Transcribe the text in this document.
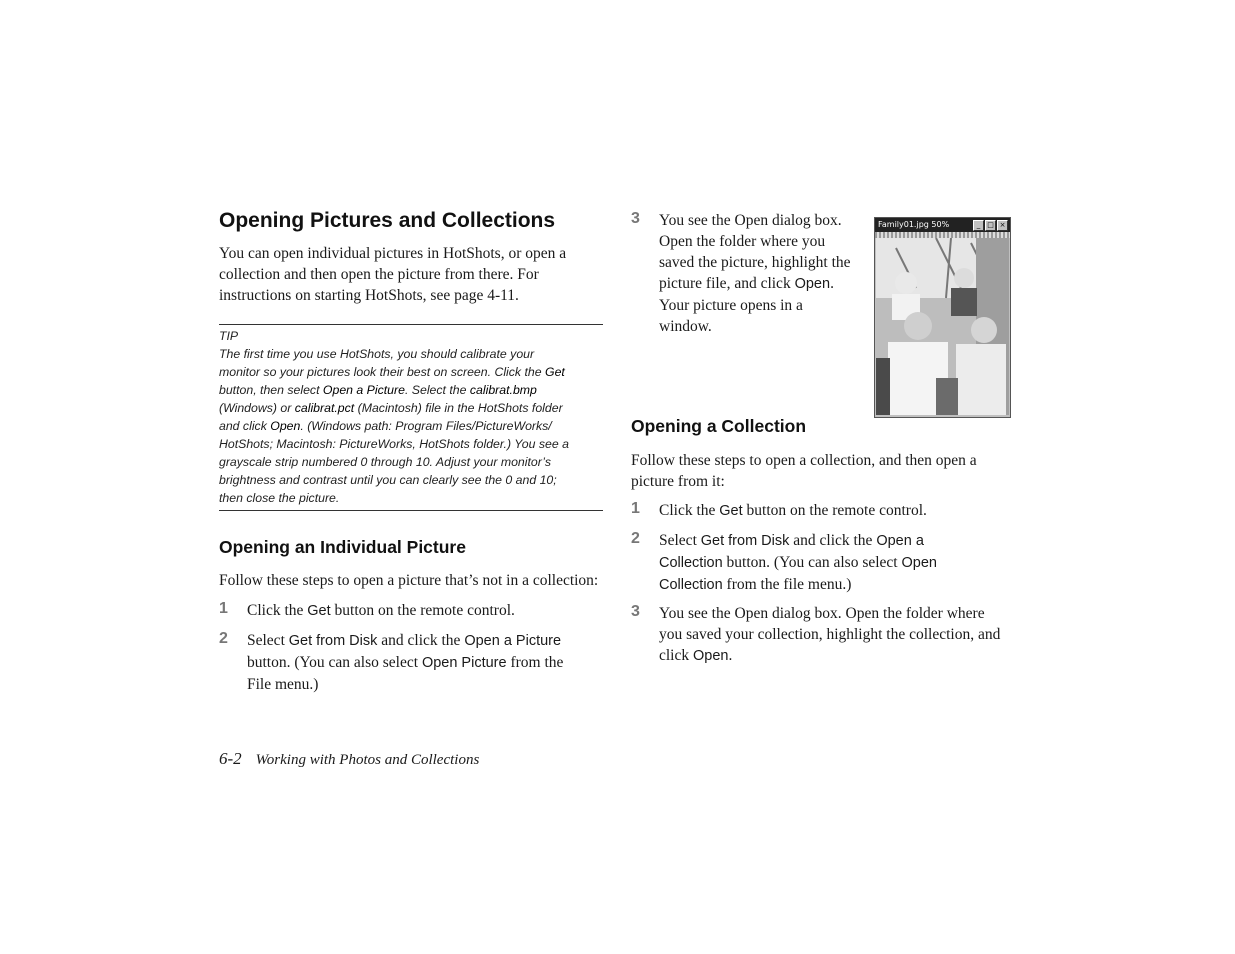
Opening Pictures and Collections
You can open individual pictures in HotShots, or open a
collection and then open the picture from there. For
instructions on starting HotShots, see page 4-11.
TIP
The first time you use HotShots, you should calibrate your
monitor so your pictures look their best on screen. Click the Get
button, then select Open a Picture. Select the calibrat.bmp
(Windows) or calibrat.pct (Macintosh) file in the HotShots folder
and click Open. (Windows path: Program Files/PictureWorks/
HotShots; Macintosh: PictureWorks, HotShots folder.) You see a
grayscale strip numbered 0 through 10. Adjust your monitor’s
brightness and contrast until you can clearly see the 0 and 10;
then close the picture.
Opening an Individual Picture
Follow these steps to open a picture that’s not in a collection:
1 Click the Get button on the remote control.
2 Select Get from Disk and click the Open a Picture
button. (You can also select Open Picture from the
File menu.)
3 You see the Open dialog box.
Open the folder where you
saved the picture, highlight the
picture file, and click Open.
Your picture opens in a
window.
Family01.jpg 50%	_ □ ×
Opening a Collection
Follow these steps to open a collection, and then open a
picture from it:
1 Click the Get button on the remote control.
2 Select Get from Disk and click the Open a
Collection button. (You can also select Open
Collection from the file menu.)
3 You see the Open dialog box. Open the folder where
you saved your collection, highlight the collection, and
click Open.
6-2 Working with Photos and Collections
